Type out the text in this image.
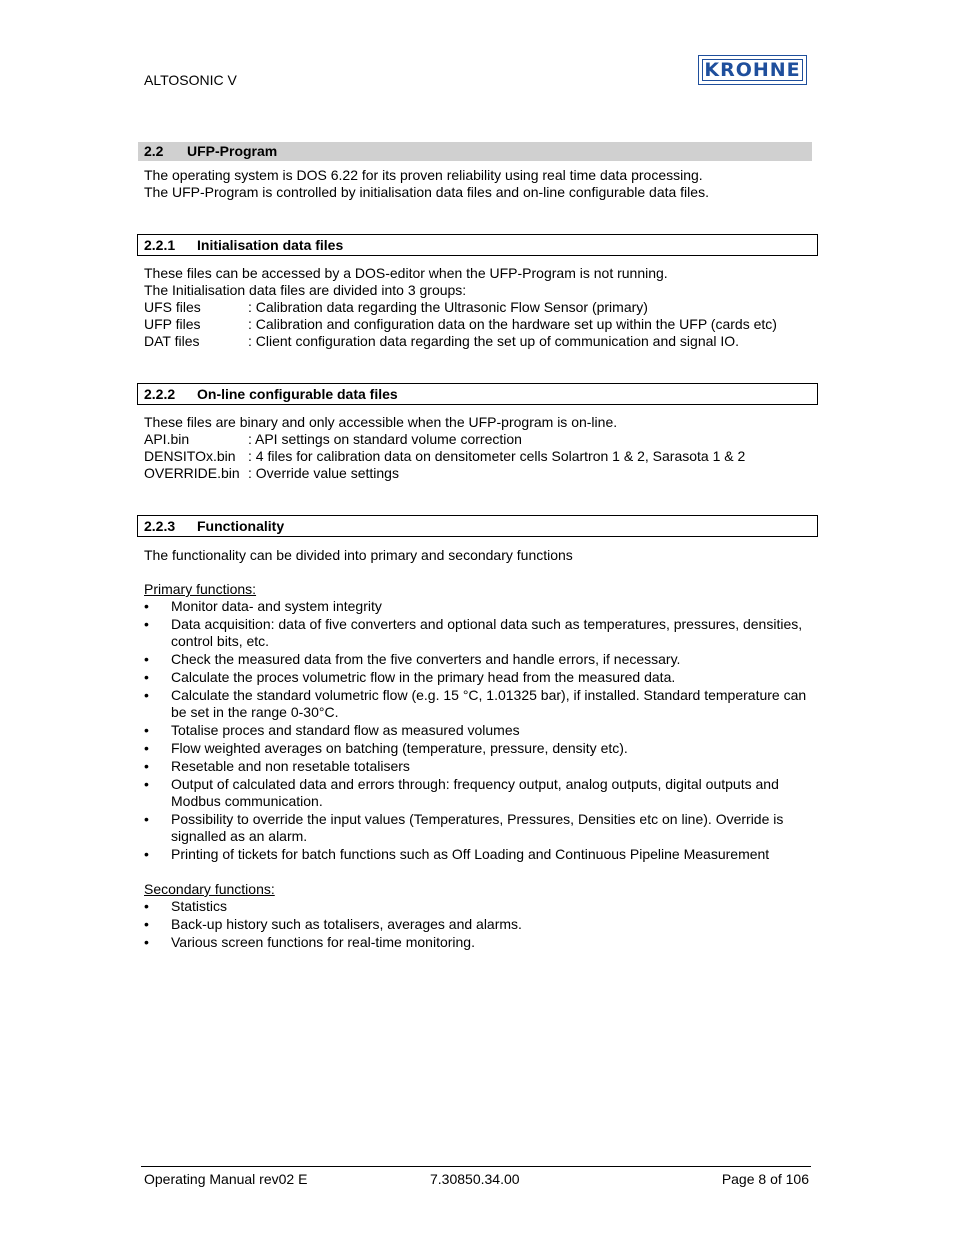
ALTOSONIC V	KROHNE
2.2 UFP-Program
The operating system is DOS 6.22 for its proven reliability using real time data processing.
The UFP-Program is controlled by initialisation data files and on-line configurable data files.
2.2.1 Initialisation data files
These files can be accessed by a DOS-editor when the UFP-Program is not running.
The Initialisation data files are divided into 3 groups:
UFS files	: Calibration data regarding the Ultrasonic Flow Sensor (primary)
UFP files	: Calibration and configuration data on the hardware set up within the UFP (cards etc)
DAT files	: Client configuration data regarding the set up of communication and signal IO.
2.2.2 On-line configurable data files
These files are binary and only accessible when the UFP-program is on-line.
API.bin	: API settings on standard volume correction
DENSITOx.bin : 4 files for calibration data on densitometer cells Solartron 1 & 2, Sarasota 1 & 2
OVERRIDE.bin : Override value settings
2.2.3 Functionality
The functionality can be divided into primary and secondary functions
Primary functions:
• Monitor data- and system integrity
• Data acquisition: data of five converters and optional data such as temperatures, pressures, densities, control bits, etc.
• Check the measured data from the five converters and handle errors, if necessary.
• Calculate the proces volumetric flow in the primary head from the measured data.
• Calculate the standard volumetric flow (e.g. 15 °C, 1.01325 bar), if installed. Standard temperature can be set in the range 0-30°C.
• Totalise proces and standard flow as measured volumes
• Flow weighted averages on batching (temperature, pressure, density etc).
• Resetable and non resetable totalisers
• Output of calculated data and errors through: frequency output, analog outputs, digital outputs and Modbus communication.
• Possibility to override the input values (Temperatures, Pressures, Densities etc on line). Override is signalled as an alarm.
• Printing of tickets for batch functions such as Off Loading and Continuous Pipeline Measurement
Secondary functions:
• Statistics
• Back-up history such as totalisers, averages and alarms.
• Various screen functions for real-time monitoring.
Operating Manual rev02 E	7.30850.34.00	Page 8 of 106
